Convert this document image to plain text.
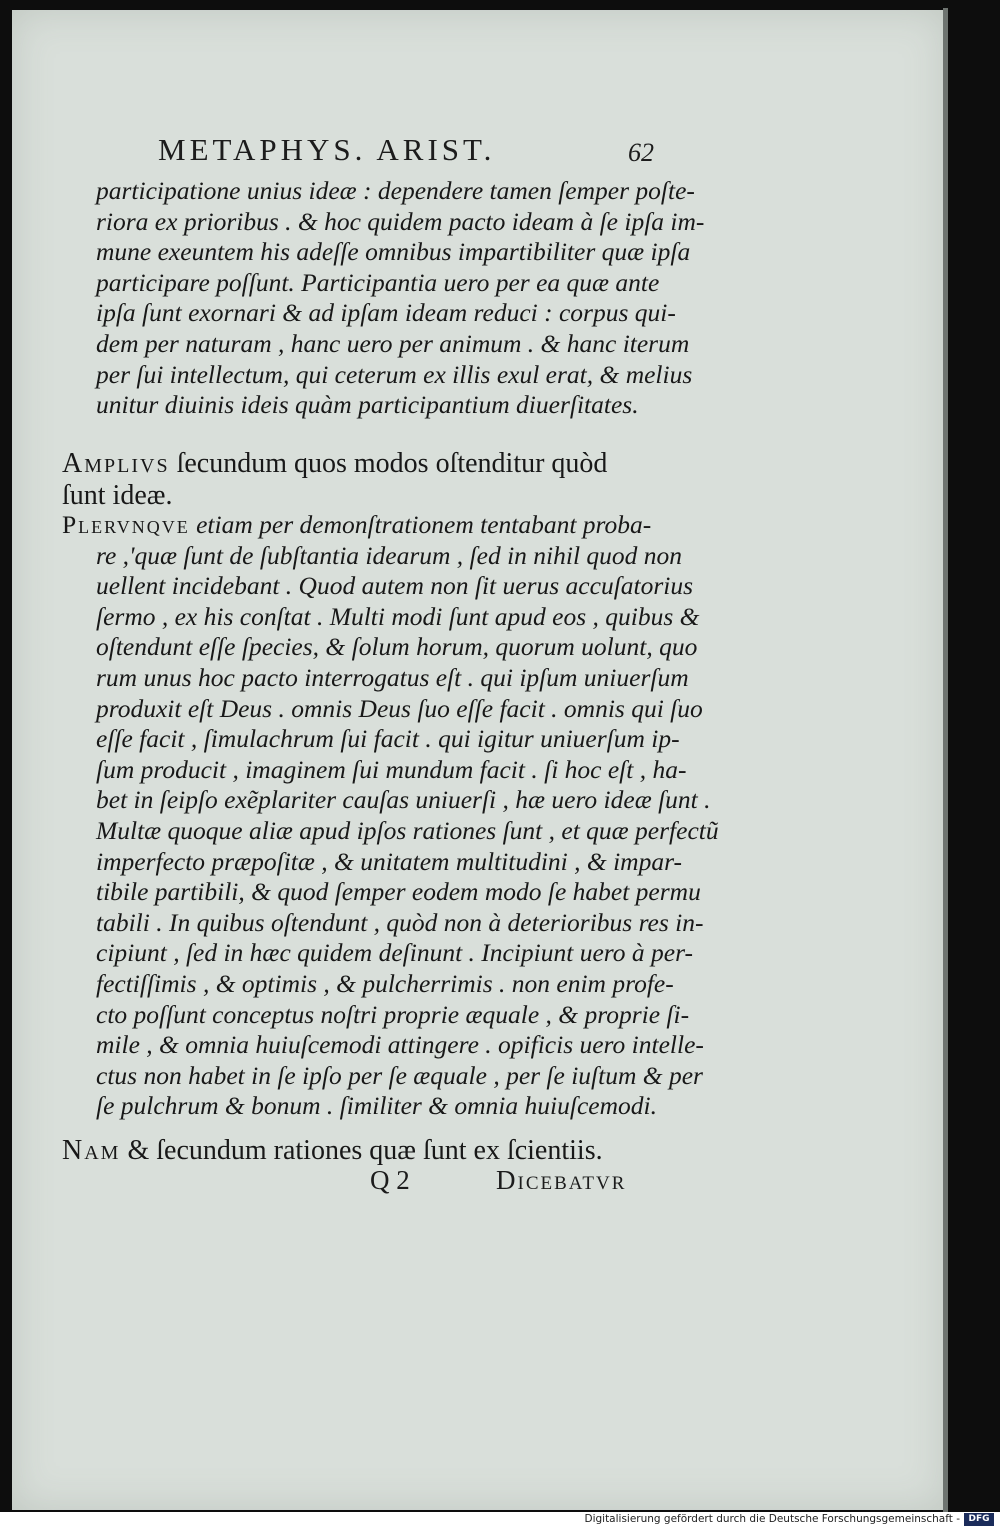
METAPHYS. ARIST.	62
participatione unius ideæ : dependere tamen ſemper poſte-
riora ex prioribus . & hoc quidem pacto ideam à ſe ipſa im-
mune exeuntem his adeſſe omnibus impartibiliter quæ ipſa
participare poſſunt. Participantia uero per ea quæ ante
ipſa ſunt exornari & ad ipſam ideam reduci : corpus qui-
dem per naturam , hanc uero per animum . & hanc iterum
per ſui intellectum, qui ceterum ex illis exul erat, & melius
unitur diuinis ideis quàm participantium diuerſitates.
Amplivs ſecundum quos modos oſtenditur quòd
ſunt ideæ.
Plervnqve etiam per demonſtrationem tentabant proba-
re ,'quæ ſunt de ſubſtantia idearum , ſed in nihil quod non
uellent incidebant . Quod autem non ſit uerus accuſatorius
ſermo , ex his conſtat . Multi modi ſunt apud eos , quibus &
oſtendunt eſſe ſpecies, & ſolum horum, quorum uolunt, quo
rum unus hoc pacto interrogatus eſt . qui ipſum uniuerſum
produxit eſt Deus . omnis Deus ſuo eſſe facit . omnis qui ſuo
eſſe facit , ſimulachrum ſui facit . qui igitur uniuerſum ip-
ſum producit , imaginem ſui mundum facit . ſi hoc eſt , ha-
bet in ſeipſo exẽplariter cauſas uniuerſi , hæ uero ideæ ſunt .
Multæ quoque aliæ apud ipſos rationes ſunt , et quæ perfectũ
imperfecto præpoſitæ , & unitatem multitudini , & impar-
tibile partibili, & quod ſemper eodem modo ſe habet permu
tabili . In quibus oſtendunt , quòd non à deterioribus res in-
cipiunt , ſed in hæc quidem deſinunt . Incipiunt uero à per-
fectiſſimis , & optimis , & pulcherrimis . non enim profe-
cto poſſunt conceptus noſtri proprie æquale , & proprie ſi-
mile , & omnia huiuſcemodi attingere . opificis uero intelle-
ctus non habet in ſe ipſo per ſe æquale , per ſe iuſtum & per
ſe pulchrum & bonum . ſimiliter & omnia huiuſcemodi.
Nam & ſecundum rationes quæ ſunt ex ſcientiis.
Q 2	Dicebatvr
Digitalisierung gefördert durch die Deutsche Forschungsgemeinschaft - DFG
